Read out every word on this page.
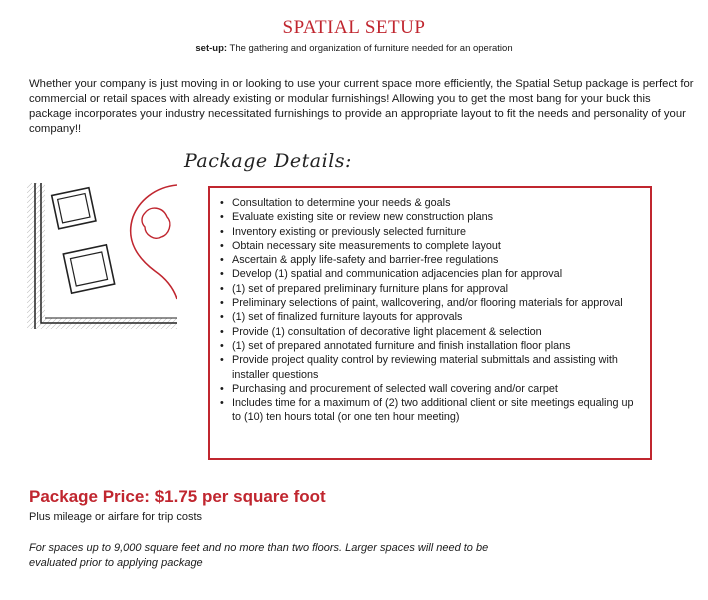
SPATIAL SETUP
set-up: The gathering and organization of furniture needed for an operation
Whether your company is just moving in or looking to use your current space more efficiently, the Spatial Setup package is perfect for commercial or retail spaces with already existing or modular furnishings! Allowing you to get the most bang for your buck this package incorporates your industry necessitated furnishings to provide an appropriate layout to fit the needs and personality of your company!!
Package Details:
• Consultation to determine your needs & goals
• Evaluate existing site or review new construction plans
• Inventory existing or previously selected furniture
• Obtain necessary site measurements to complete layout
• Ascertain & apply life-safety and barrier-free regulations
• Develop (1) spatial and communication adjacencies plan for approval
• (1) set of prepared preliminary furniture plans for approval
• Preliminary selections of paint, wallcovering, and/or flooring materials for approval
• (1) set of finalized furniture layouts for approvals
• Provide (1) consultation of decorative light placement & selection
• (1) set of prepared annotated furniture and finish installation floor plans
• Provide project quality control by reviewing material submittals and assisting with installer questions
• Purchasing and procurement of selected wall covering and/or carpet
• Includes time for a maximum of (2) two additional client or site meetings equaling up to (10) ten hours total (or one ten hour meeting)
Package Price: $1.75 per square foot
Plus mileage or airfare for trip costs
For spaces up to 9,000 square feet and no more than two floors. Larger spaces will need to be evaluated prior to applying package
